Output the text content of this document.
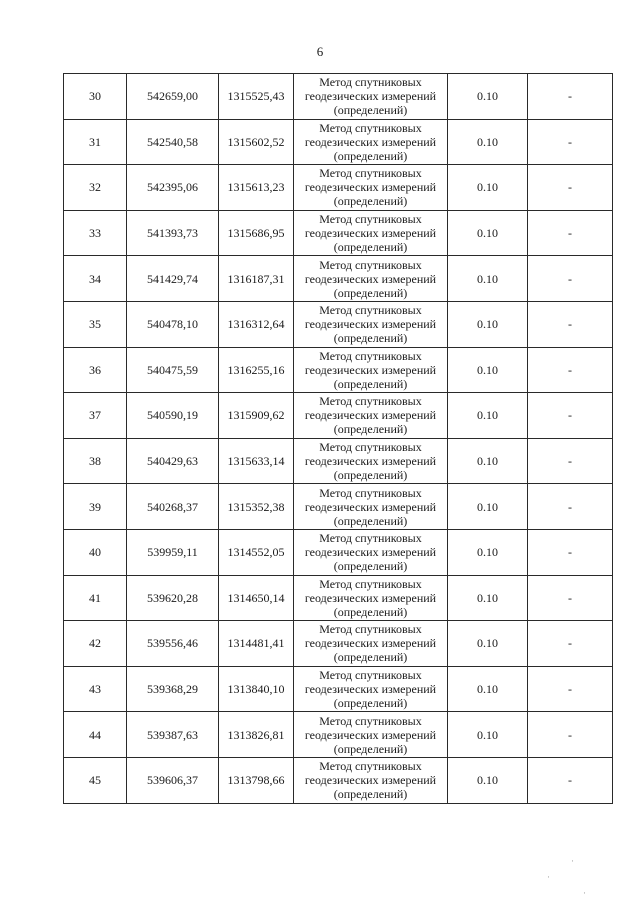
6
30	542659,00	1315525,43	Метод спутниковых
геодезических измерений
(определений)	0.10	-
31	542540,58	1315602,52	Метод спутниковых
геодезических измерений
(определений)	0.10	-
32	542395,06	1315613,23	Метод спутниковых
геодезических измерений
(определений)	0.10	-
33	541393,73	1315686,95	Метод спутниковых
геодезических измерений
(определений)	0.10	-
34	541429,74	1316187,31	Метод спутниковых
геодезических измерений
(определений)	0.10	-
35	540478,10	1316312,64	Метод спутниковых
геодезических измерений
(определений)	0.10	-
36	540475,59	1316255,16	Метод спутниковых
геодезических измерений
(определений)	0.10	-
37	540590,19	1315909,62	Метод спутниковых
геодезических измерений
(определений)	0.10	-
38	540429,63	1315633,14	Метод спутниковых
геодезических измерений
(определений)	0.10	-
39	540268,37	1315352,38	Метод спутниковых
геодезических измерений
(определений)	0.10	-
40	539959,11	1314552,05	Метод спутниковых
геодезических измерений
(определений)	0.10	-
41	539620,28	1314650,14	Метод спутниковых
геодезических измерений
(определений)	0.10	-
42	539556,46	1314481,41	Метод спутниковых
геодезических измерений
(определений)	0.10	-
43	539368,29	1313840,10	Метод спутниковых
геодезических измерений
(определений)	0.10	-
44	539387,63	1313826,81	Метод спутниковых
геодезических измерений
(определений)	0.10	-
45	539606,37	1313798,66	Метод спутниковых
геодезических измерений
(определений)	0.10	-
·
·
·
